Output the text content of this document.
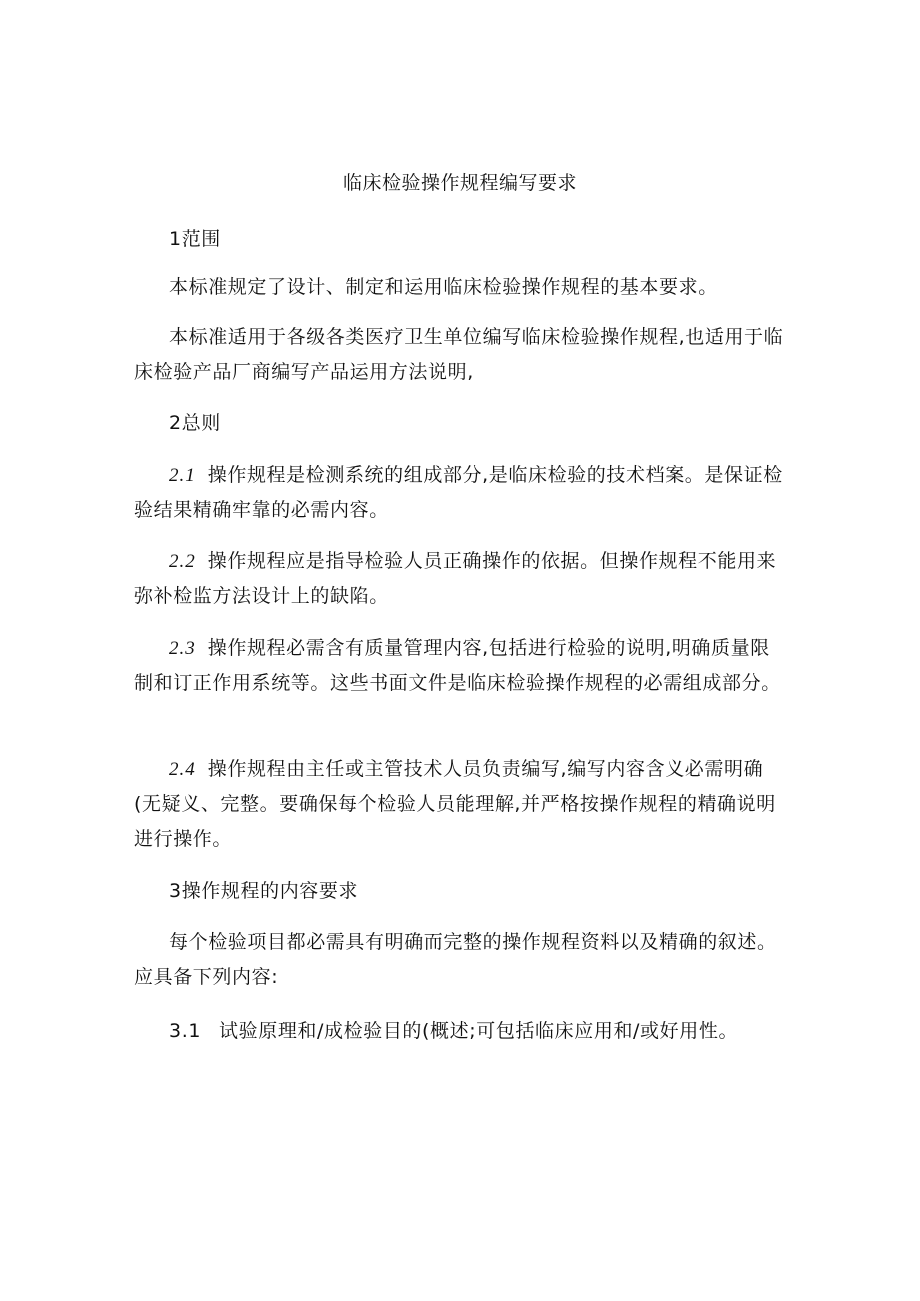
临床检验操作规程编写要求

1范围

本标准规定了设计、制定和运用临床检验操作规程的基本要求。

本标准适用于各级各类医疗卫生单位编写临床检验操作规程,也适用于临床检验产品厂商编写产品运用方法说明,

2总则

2.1 操作规程是检测系统的组成部分,是临床检验的技术档案。是保证检验结果精确牢靠的必需内容。

2.2 操作规程应是指导检验人员正确操作的依据。但操作规程不能用来弥补检监方法设计上的缺陷。

2.3 操作规程必需含有质量管理内容,包括进行检验的说明,明确质量限制和订正作用系统等。这些书面文件是临床检验操作规程的必需组成部分。

2.4 操作规程由主任或主管技术人员负责编写,编写内容含义必需明确(无疑义、完整。要确保每个检验人员能理解,并严格按操作规程的精确说明进行操作。

3操作规程的内容要求

每个检验项目都必需具有明确而完整的操作规程资料以及精确的叙述。应具备下列内容:

3.1 试验原理和/成检验目的(概述;可包括临床应用和/或好用性。
